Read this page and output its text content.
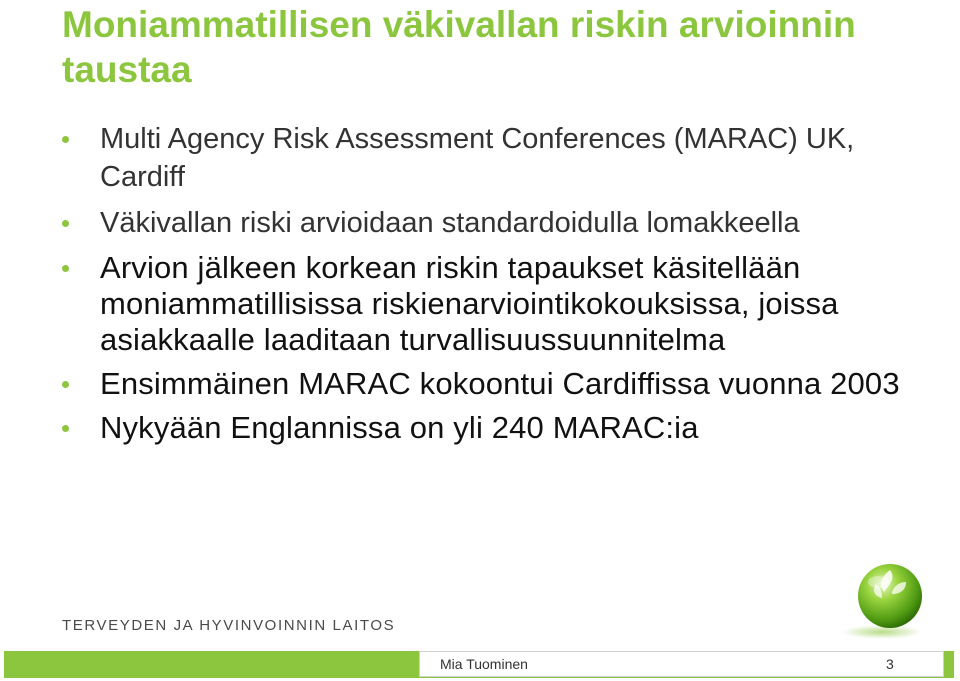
Moniammatillisen väkivallan riskin arvioinnin taustaa
Multi Agency Risk Assessment Conferences (MARAC) UK, Cardiff
Väkivallan riski arvioidaan standardoidulla lomakkeella
Arvion jälkeen korkean riskin tapaukset käsitellään moniammatillisissa riskienarviointikokouksissa, joissa asiakkaalle laaditaan turvallisuussuunnitelma
Ensimmäinen MARAC kokoontui Cardiffissa vuonna 2003
Nykyään Englannissa on yli 240 MARAC:ia

TERVEYDEN JA HYVINVOINNIN LAITOS

Mia Tuominen	3
